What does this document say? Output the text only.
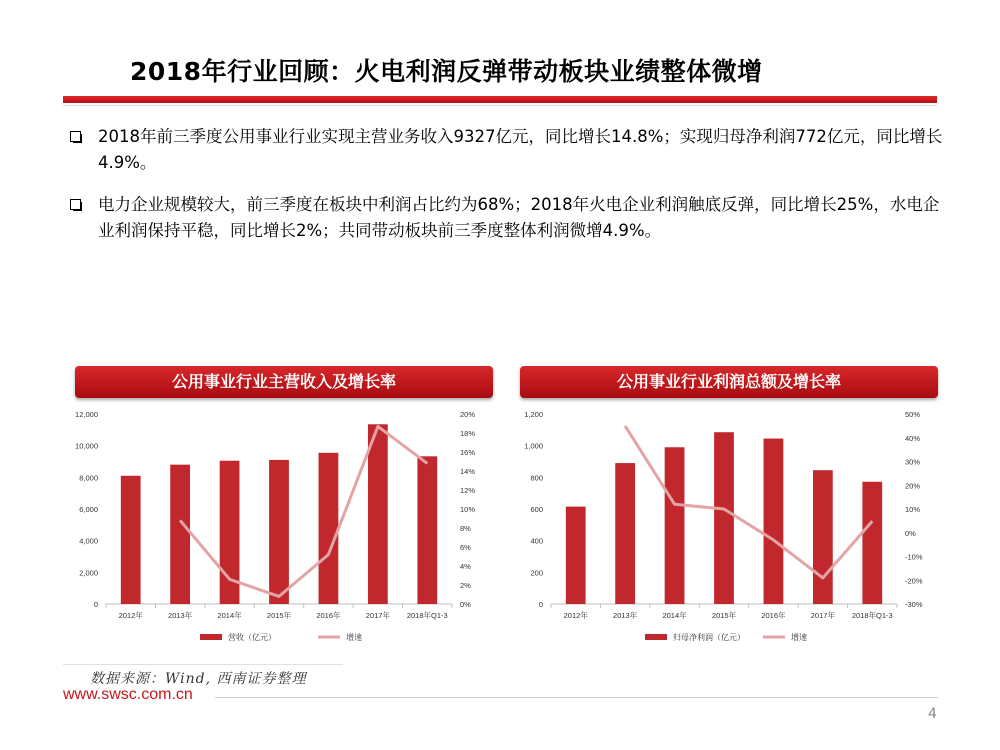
2018年行业回顾：火电利润反弹带动板块业绩整体微增
2018年前三季度公用事业行业实现主营业务收入9327亿元，同比增长14.8%；实现归母净利润772亿元，同比增长4.9%。
电力企业规模较大，前三季度在板块中利润占比约为68%；2018年火电企业利润触底反弹，同比增长25%，水电企业利润保持平稳，同比增长2%；共同带动板块前三季度整体利润微增4.9%。
公用事业行业主营收入及增长率	公用事业行业利润总额及增长率
0
2,000
4,000
6,000
8,000
10,000
12,000
0%
2%
4%
6%
8%
10%
12%
14%
16%
18%
20%
2012年	2013年	2014年	2015年	2016年	2017年 2018年Q1-3
营收（亿元）	增速
0
200
400
600
800
1,000
1,200
-30%
-20%
-10%
0%
10%
20%
30%
40%
50%
2012年	2013年	2014年	2015年	2016年	2017年 2018年Q1-3
归母净利润（亿元）	增速
数据来源：Wind, 西南证券整理
www.swsc.com.cn
4
